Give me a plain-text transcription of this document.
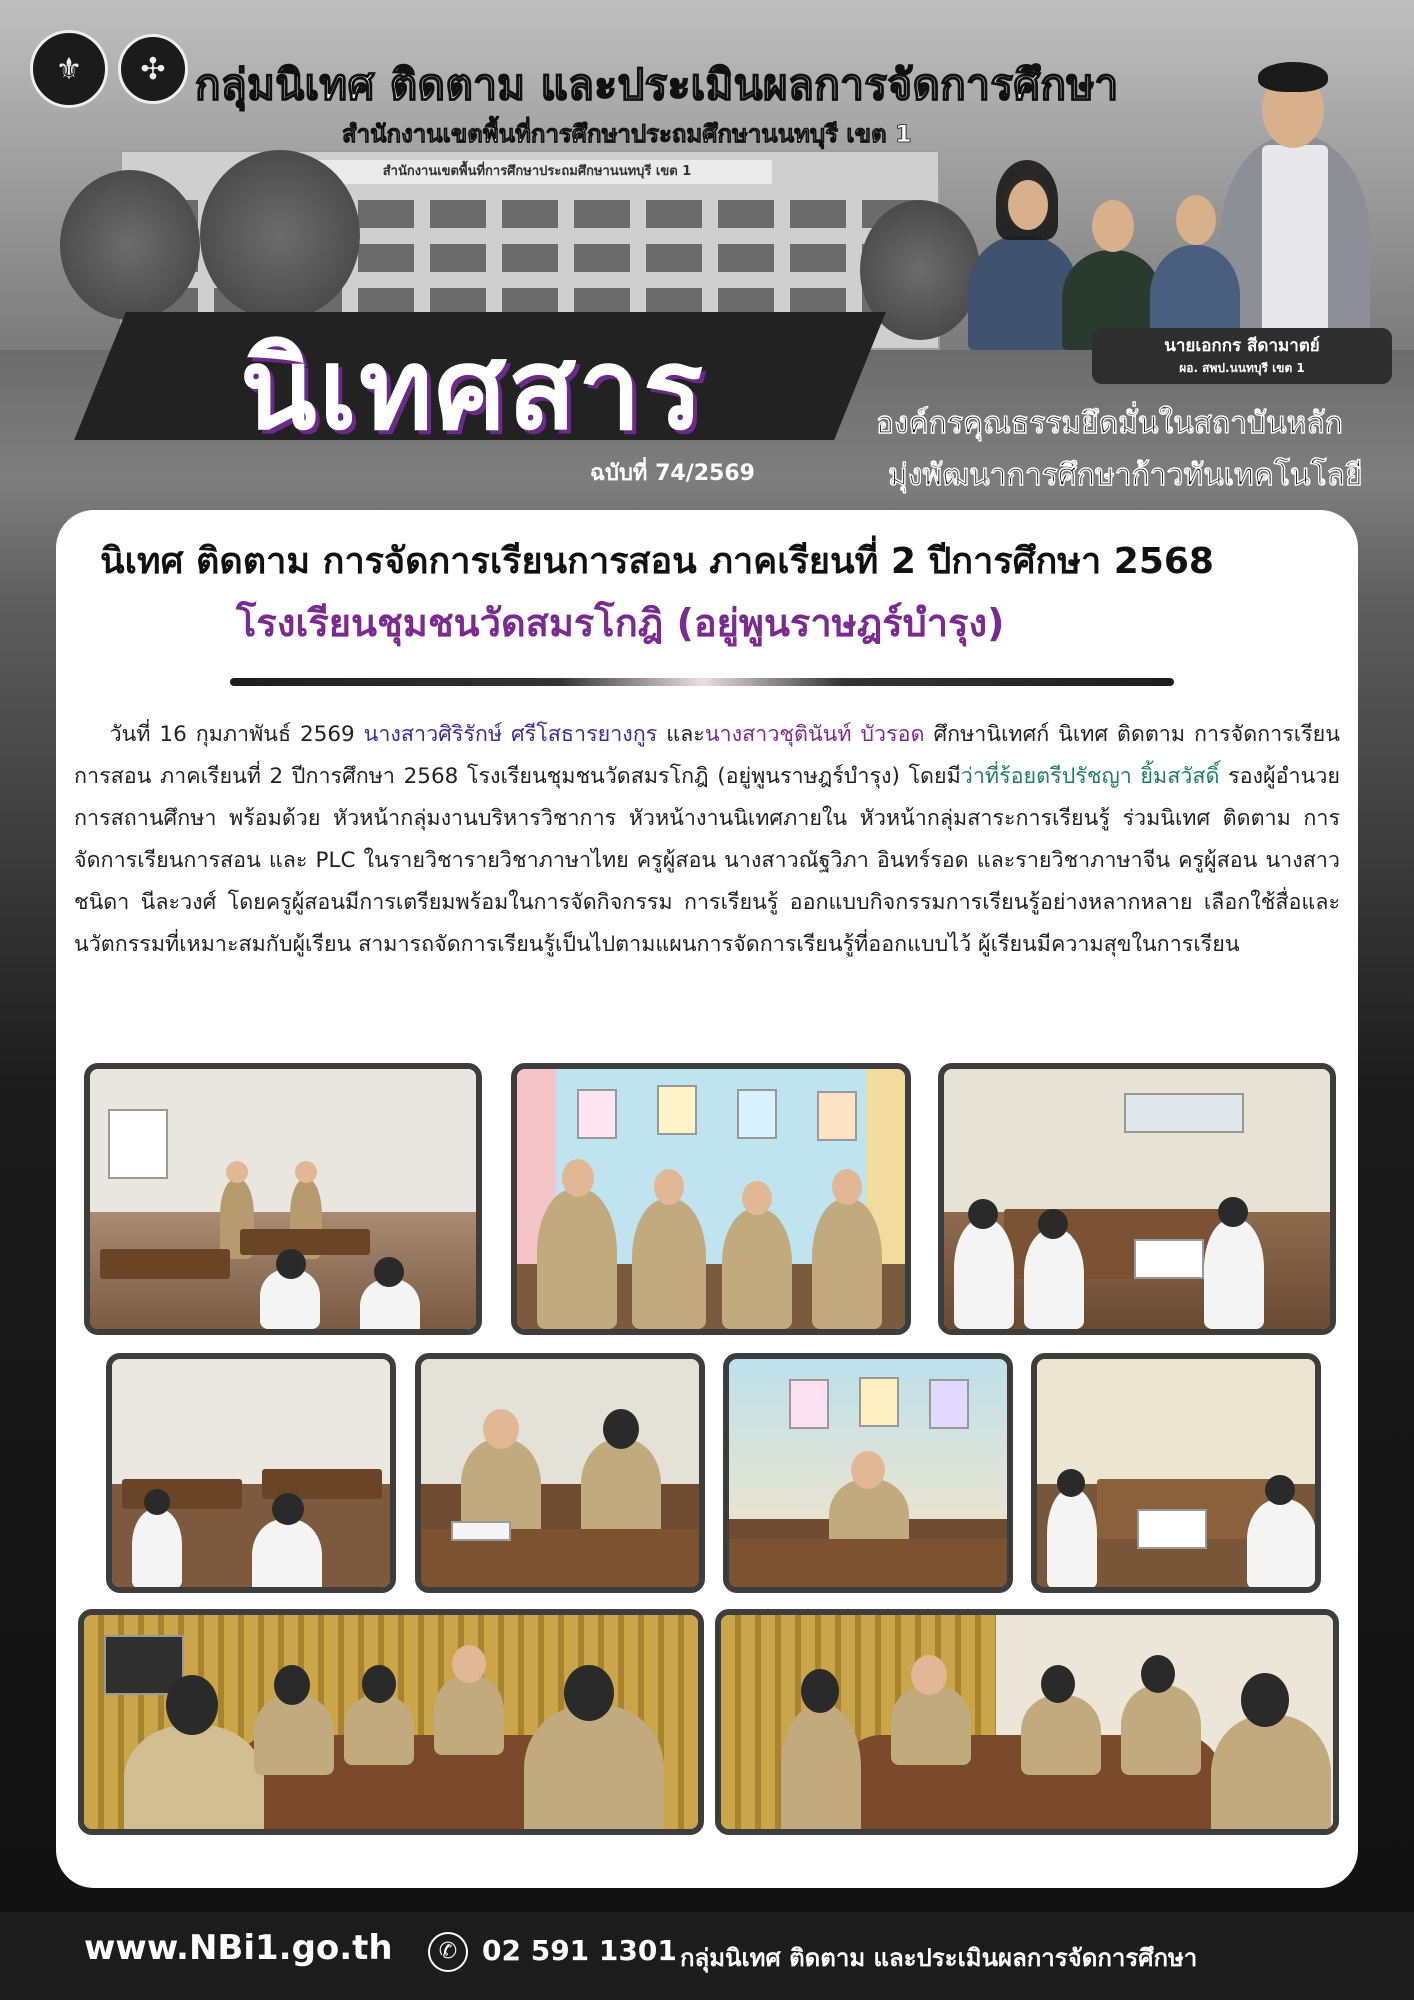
สำนักงานเขตพื้นที่การศึกษาประถมศึกษานนทบุรี เขต 1
⚜	✣ กลุ่มนิเทศ ติดตาม และประเมินผลการจัดการศึกษา
สำนักงานเขตพื้นที่การศึกษาประถมศึกษานนทบุรี เขต 1
นายเอกกร สีดามาตย์
ผอ. สพป.นนทบุรี เขต 1
นิเทศสาร
ฉบับที่ 74/2569
องค์กรคุณธรรมยึดมั่นในสถาบันหลัก
มุ่งพัฒนาการศึกษาก้าวทันเทคโนโลยี
นิเทศ ติดตาม การจัดการเรียนการสอน ภาคเรียนที่ 2 ปีการศึกษา 2568
โรงเรียนชุมชนวัดสมรโกฎิ (อยู่พูนราษฎร์บำรุง)
วันที่ 16 กุมภาพันธ์ 2569 นางสาวศิริรักษ์ ศรีโสธารยางกูร และนางสาวชุตินันท์ บัวรอด ศึกษานิเทศก์ นิเทศ ติดตาม การจัดการเรียนการสอน ภาคเรียนที่ 2 ปีการศึกษา 2568 โรงเรียนชุมชนวัดสมรโกฎิ (อยู่พูนราษฎร์บำรุง) โดยมีว่าที่ร้อยตรีปรัชญา ยิ้มสวัสดิ์ รองผู้อำนวยการสถานศึกษา พร้อมด้วย หัวหน้ากลุ่มงานบริหารวิชาการ หัวหน้างานนิเทศภายใน หัวหน้ากลุ่มสาระการเรียนรู้ ร่วมนิเทศ ติดตาม การจัดการเรียนการสอน และ PLC ในรายวิชารายวิชาภาษาไทย ครูผู้สอน นางสาวณัฐวิภา อินทร์รอด และรายวิชาภาษาจีน ครูผู้สอน นางสาวชนิดา นีละวงศ์ โดยครูผู้สอนมีการเตรียมพร้อมในการจัดกิจกรรม การเรียนรู้ ออกแบบกิจกรรมการเรียนรู้อย่างหลากหลาย เลือกใช้สื่อและนวัตกรรมที่เหมาะสมกับผู้เรียน สามารถจัดการเรียนรู้เป็นไปตามแผนการจัดการเรียนรู้ที่ออกแบบไว้ ผู้เรียนมีความสุขในการเรียน
www.NBi1.go.th	✆ 02 591 1301 กลุ่มนิเทศ ติดตาม และประเมินผลการจัดการศึกษา
